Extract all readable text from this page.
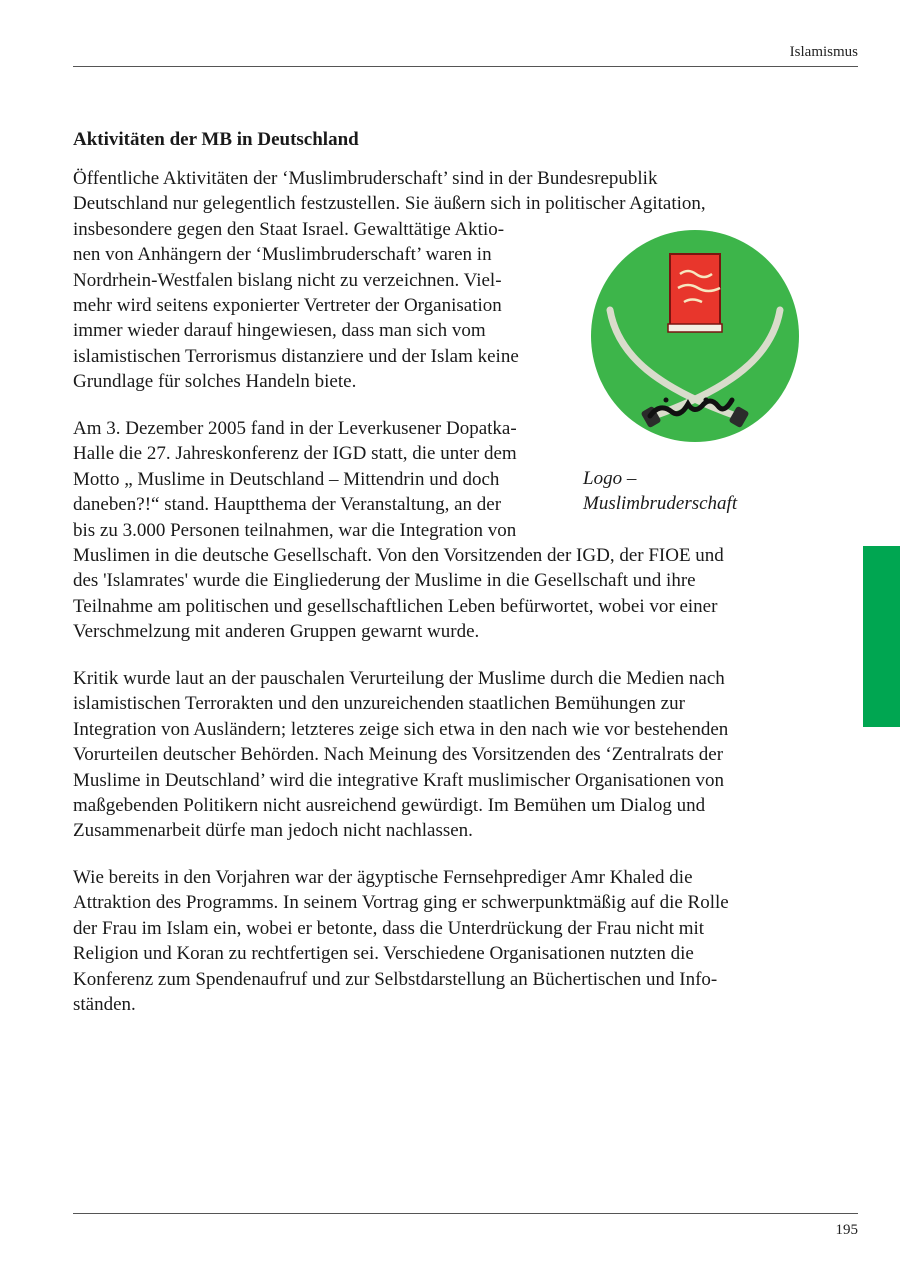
Islamismus
Aktivitäten der MB in Deutschland
Öffentliche Aktivitäten der ‘Muslimbruderschaft’ sind in der Bundesrepublik
Deutschland nur gelegentlich festzustellen. Sie äußern sich in politischer Agitation,
insbesondere gegen den Staat Israel. Gewalttätige Aktio-
nen von Anhängern der ‘Muslimbruderschaft’ waren in
Nordrhein-Westfalen bislang nicht zu verzeichnen. Viel-
mehr wird seitens exponierter Vertreter der Organisation
immer wieder darauf hingewiesen, dass man sich vom
islamistischen Terrorismus distanziere und der Islam keine
Grundlage für solches Handeln biete.
Am 3. Dezember 2005 fand in der Leverkusener Dopatka-
Halle die 27. Jahreskonferenz der IGD statt, die unter dem
Motto „ Muslime in Deutschland – Mittendrin und doch
daneben?!“ stand. Hauptthema der Veranstaltung, an der
bis zu 3.000 Personen teilnahmen, war die Integration von
Muslimen in die deutsche Gesellschaft. Von den Vorsitzenden der IGD, der FIOE und
des 'Islamrates' wurde die Eingliederung der Muslime in die Gesellschaft und ihre
Teilnahme am politischen und gesellschaftlichen Leben befürwortet, wobei vor einer
Verschmelzung mit anderen Gruppen gewarnt wurde.
Kritik wurde laut an der pauschalen Verurteilung der Muslime durch die Medien nach
islamistischen Terrorakten und den unzureichenden staatlichen Bemühungen zur
Integration von Ausländern; letzteres zeige sich etwa in den nach wie vor bestehenden
Vorurteilen deutscher Behörden. Nach Meinung des Vorsitzenden des ‘Zentralrats der
Muslime in Deutschland’ wird die integrative Kraft muslimischer Organisationen von
maßgebenden Politikern nicht ausreichend gewürdigt. Im Bemühen um Dialog und
Zusammenarbeit dürfe man jedoch nicht nachlassen.
Wie bereits in den Vorjahren war der ägyptische Fernsehprediger Amr Khaled die
Attraktion des Programms. In seinem Vortrag ging er schwerpunktmäßig auf die Rolle
der Frau im Islam ein, wobei er betonte, dass die Unterdrückung der Frau nicht mit
Religion und Koran zu rechtfertigen sei. Verschiedene Organisationen nutzten die
Konferenz zum Spendenaufruf und zur Selbstdarstellung an Büchertischen und Info-
ständen.
Logo –
Muslimbruderschaft
195
